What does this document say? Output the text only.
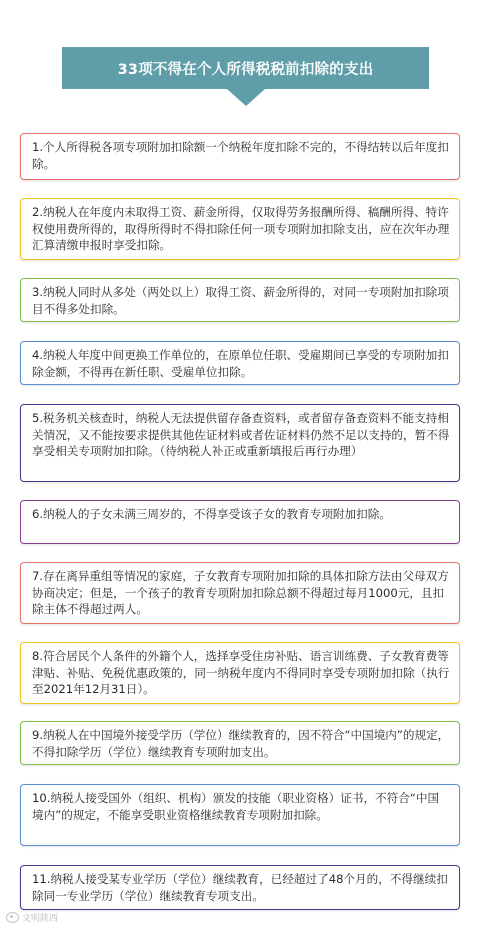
33项不得在个人所得税税前扣除的支出
1.个人所得税各项专项附加扣除额一个纳税年度扣除不完的，不得结转以后年度扣除。
2.纳税人在年度内未取得工资、薪金所得，仅取得劳务报酬所得、稿酬所得、特许权使用费所得的，取得所得时不得扣除任何一项专项附加扣除支出，应在次年办理汇算清缴申报时享受扣除。
3.纳税人同时从多处（两处以上）取得工资、薪金所得的，对同一专项附加扣除项目不得多处扣除。
4.纳税人年度中间更换工作单位的，在原单位任职、受雇期间已享受的专项附加扣除金额，不得再在新任职、受雇单位扣除。
5.税务机关核查时，纳税人无法提供留存备查资料，或者留存备查资料不能支持相关情况，又不能按要求提供其他佐证材料或者佐证材料仍然不足以支持的，暂不得享受相关专项附加扣除。（待纳税人补正或重新填报后再行办理）
6.纳税人的子女未满三周岁的，不得享受该子女的教育专项附加扣除。
7.存在离异重组等情况的家庭，子女教育专项附加扣除的具体扣除方法由父母双方协商决定；但是，一个孩子的教育专项附加扣除总额不得超过每月1000元，且扣除主体不得超过两人。
8.符合居民个人条件的外籍个人，选择享受住房补贴、语言训练费、子女教育费等津贴、补贴、免税优惠政策的，同一纳税年度内不得同时享受专项附加扣除（执行至2021年12月31日）。
9.纳税人在中国境外接受学历（学位）继续教育的，因不符合“中国境内”的规定，不得扣除学历（学位）继续教育专项附加支出。
10.纳税人接受国外（组织、机构）颁发的技能（职业资格）证书，不符合“中国境内”的规定，不能享受职业资格继续教育专项附加扣除。
11.纳税人接受某专业学历（学位）继续教育，已经超过了48个月的，不得继续扣除同一专业学历（学位）继续教育专项支出。
文明陕西
